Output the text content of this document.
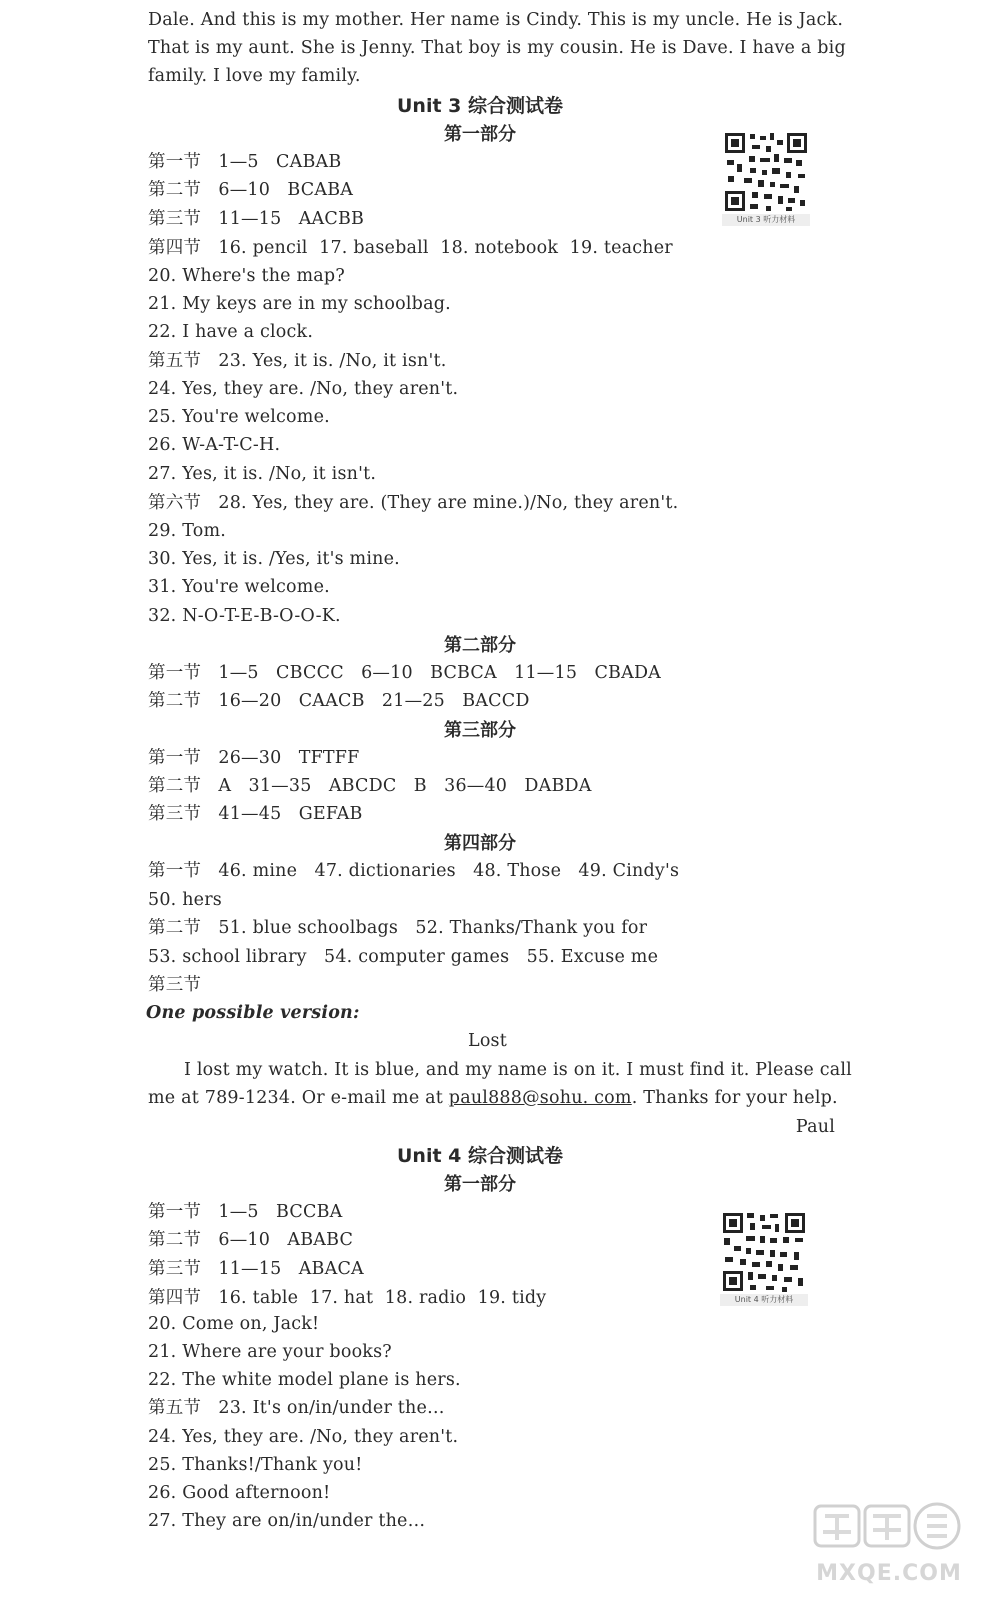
Dale. And this is my mother. Her name is Cindy. This is my uncle. He is Jack.
That is my aunt. She is Jenny. That boy is my cousin. He is Dave. I have a big
family. I love my family.
Unit 3 综合测试卷
第一部分
Unit 3 听力材料
第一节   1—5   CABAB
第二节   6—10   BCABA
第三节   11—15   AACBB
第四节   16. pencil  17. baseball  18. notebook  19. teacher
20. Where's the map?
21. My keys are in my schoolbag.
22. I have a clock.
第五节   23. Yes, it is. /No, it isn't.
24. Yes, they are. /No, they aren't.
25. You're welcome.
26. W-A-T-C-H.
27. Yes, it is. /No, it isn't.
第六节   28. Yes, they are. (They are mine.)/No, they aren't.
29. Tom.
30. Yes, it is. /Yes, it's mine.
31. You're welcome.
32. N-O-T-E-B-O-O-K.
第二部分
第一节   1—5   CBCCC   6—10   BCBCA   11—15   CBADA
第二节   16—20   CAACB   21—25   BACCD
第三部分
第一节   26—30   TFTFF
第二节   A   31—35   ABCDC   B   36—40   DABDA
第三节   41—45   GEFAB
第四部分
第一节   46. mine   47. dictionaries   48. Those   49. Cindy's
50. hers
第二节   51. blue schoolbags   52. Thanks/Thank you for
53. school library   54. computer games   55. Excuse me
第三节
One possible version:
Lost
I lost my watch. It is blue, and my name is on it. I must find it. Please call
me at 789-1234. Or e-mail me at paul888@sohu. com. Thanks for your help.
Paul
Unit 4 综合测试卷
第一部分
Unit 4 听力材料
第一节   1—5   BCCBA
第二节   6—10   ABABC
第三节   11—15   ABACA
第四节   16. table  17. hat  18. radio  19. tidy
20. Come on, Jack!
21. Where are your books?
22. The white model plane is hers.
第五节   23. It's on/in/under the…
24. Yes, they are. /No, they aren't.
25. Thanks!/Thank you!
26. Good afternoon!
27. They are on/in/under the…
MXQE.COM
